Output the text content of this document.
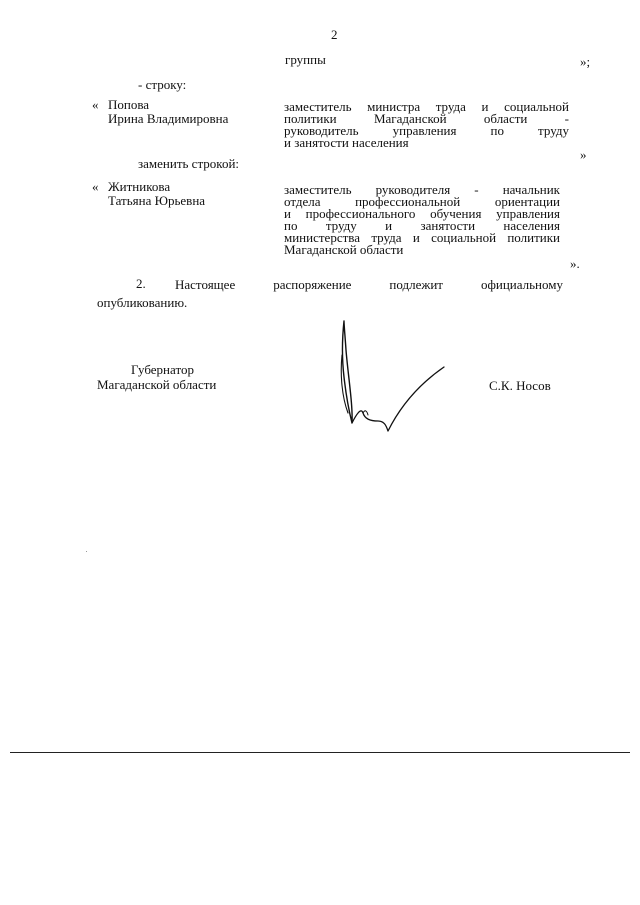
2
группы	»;
- строку:
« Попова
Ирина Владимировна
заместитель министра труда и социальной
политики Магаданской области -
руководитель управления по труду
и занятости населения
»
заменить строкой:
« Житникова
Татьяна Юрьевна
заместитель руководителя - начальник
отдела профессиональной ориентации
и профессионального обучения управления
по труду и занятости населения
министерства труда и социальной политики
Магаданской области
».
2. Настоящее распоряжение подлежит официальному
опубликованию.
Губернатор
Магаданской области	С.К. Носов
